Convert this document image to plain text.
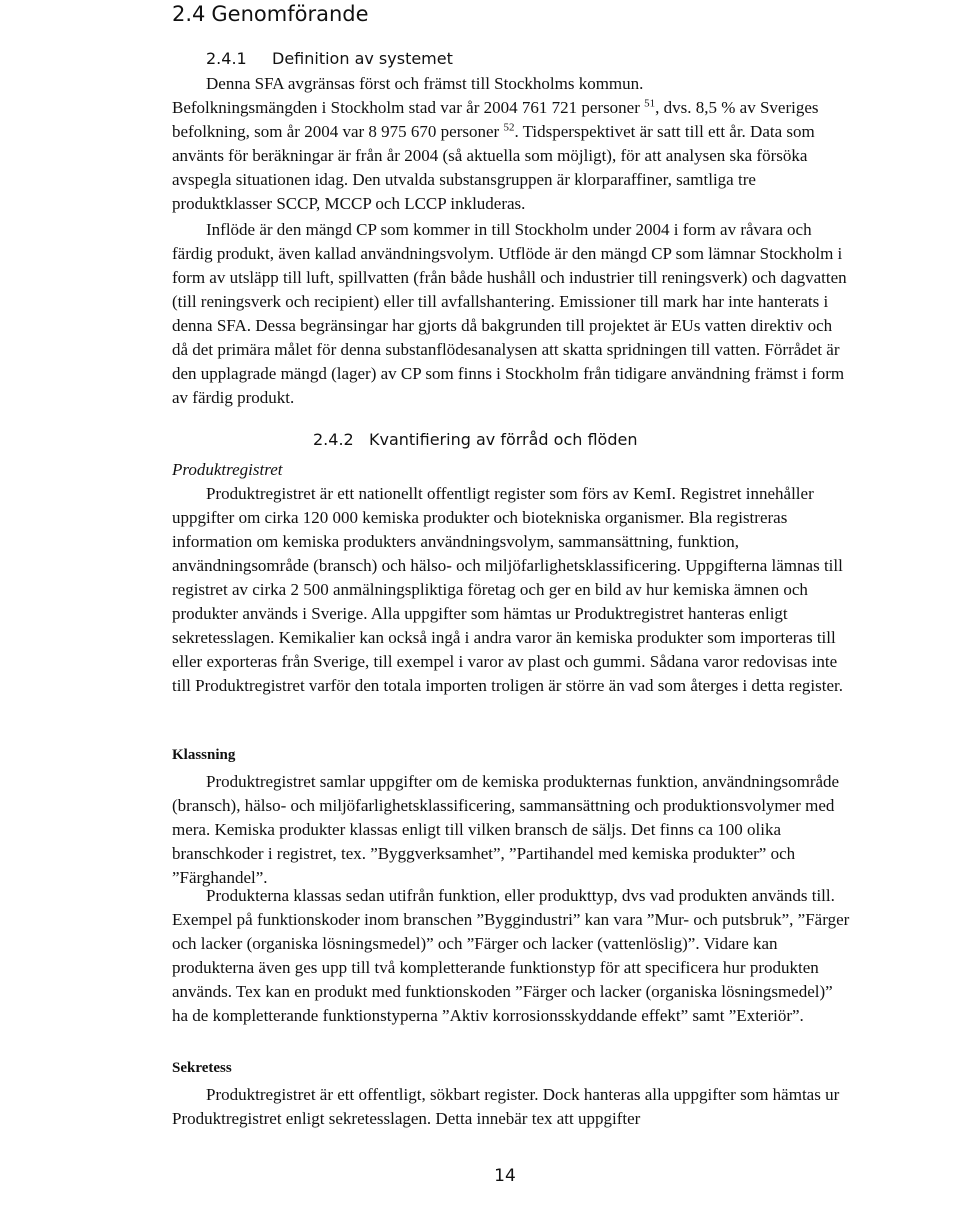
2.4 Genomförande
2.4.1 Definition av systemet

Denna SFA avgränsas först och främst till Stockholms kommun.
Befolkningsmängden i Stockholm stad var år 2004 761 721 personer $^{51}$, dvs. 8,5 % av Sveriges befolkning, som år 2004 var 8 975 670 personer $^{52}$. Tidsperspektivet är satt till ett år. Data som använts för beräkningar är från år 2004 (så aktuella som möjligt), för att analysen ska försöka avspegla situationen idag. Den utvalda substansgruppen är klorparaffiner, samtliga tre produktklasser SCCP, MCCP och LCCP inkluderas.

Inflöde är den mängd CP som kommer in till Stockholm under 2004 i form av råvara och färdig produkt, även kallad användningsvolym. Utflöde är den mängd CP som lämnar Stockholm i form av utsläpp till luft, spillvatten (från både hushåll och industrier till reningsverk) och dagvatten (till reningsverk och recipient) eller till avfallshantering. Emissioner till mark har inte hanterats i denna SFA. Dessa begränsingar har gjorts då bakgrunden till projektet är EUs vatten direktiv och då det primära målet för denna substanflödesanalysen att skatta spridningen till vatten. Förrådet är den upplagrade mängd (lager) av CP som finns i Stockholm från tidigare användning främst i form av färdig produkt.

2.4.2 Kvantifiering av förråd och flöden
Produktregistret

Produktregistret är ett nationellt offentligt register som förs av KemI. Registret innehåller uppgifter om cirka 120 000 kemiska produkter och biotekniska organismer. Bla registreras information om kemiska produkters användningsvolym, sammansättning, funktion, användningsområde (bransch) och hälso- och miljöfarlighetsklassificering. Uppgifterna lämnas till registret av cirka 2 500 anmälningspliktiga företag och ger en bild av hur kemiska ämnen och produkter används i Sverige. Alla uppgifter som hämtas ur Produktregistret hanteras enligt sekretesslagen. Kemikalier kan också ingå i andra varor än kemiska produkter som importeras till eller exporteras från Sverige, till exempel i varor av plast och gummi. Sådana varor redovisas inte till Produktregistret varför den totala importen troligen är större än vad som återges i detta register.

Klassning

Produktregistret samlar uppgifter om de kemiska produkternas funktion, användningsområde (bransch), hälso- och miljöfarlighetsklassificering, sammansättning och produktionsvolymer med mera. Kemiska produkter klassas enligt till vilken bransch de säljs. Det finns ca 100 olika branschkoder i registret, tex. ”Byggverksamhet”, ”Partihandel med kemiska produkter” och ”Färghandel”.

Produkterna klassas sedan utifrån funktion, eller produkttyp, dvs vad produkten används till. Exempel på funktionskoder inom branschen ”Byggindustri” kan vara ”Mur- och putsbruk”, ”Färger och lacker (organiska lösningsmedel)” och ”Färger och lacker (vattenlöslig)”. Vidare kan produkterna även ges upp till två kompletterande funktionstyp för att specificera hur produkten används. Tex kan en produkt med funktionskoden ”Färger och lacker (organiska lösningsmedel)” ha de kompletterande funktionstyperna ”Aktiv korrosionsskyddande effekt” samt ”Exteriör”.

Sekretess

Produktregistret är ett offentligt, sökbart register. Dock hanteras alla uppgifter som hämtas ur Produktregistret enligt sekretesslagen. Detta innebär tex att uppgifter

14
